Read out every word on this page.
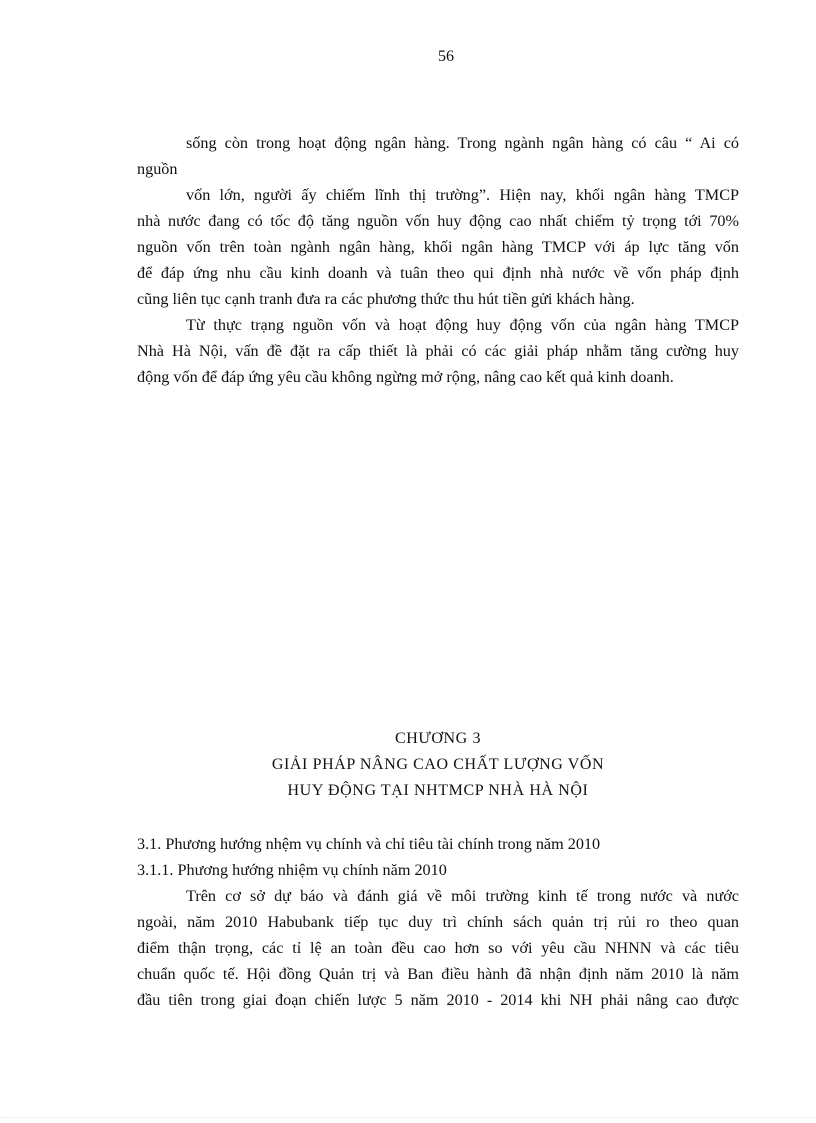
56
sống còn trong hoạt động ngân hàng. Trong ngành ngân hàng có câu “ Ai có
nguồn
vốn lớn, người ấy chiếm lĩnh thị trường”. Hiện nay, khối ngân hàng TMCP
nhà nước đang có tốc độ tăng nguồn vốn huy động cao nhất chiếm tỷ trọng tới 70%
nguồn vốn trên toàn ngành ngân hàng, khối ngân hàng TMCP với áp lực tăng vốn
để đáp ứng nhu cầu kinh doanh và tuân theo qui định nhà nước về vốn pháp định
cũng liên tục cạnh tranh đưa ra các phương thức thu hút tiền gửi khách hàng.
Từ thực trạng nguồn vốn và hoạt động huy động vốn của ngân hàng TMCP
Nhà Hà Nội, vấn đề đặt ra cấp thiết là phải có các giải pháp nhằm tăng cường huy
động vốn để đáp ứng yêu cầu không ngừng mở rộng, nâng cao kết quả kinh doanh.
CHƯƠNG 3
GIẢI PHÁP NÂNG CAO CHẤT LƯỢNG VỐN
HUY ĐỘNG TẠI NHTMCP NHÀ HÀ NỘI
3.1. Phương hướng nhệm vụ chính và chỉ tiêu tài chính trong năm 2010
3.1.1. Phương hướng nhiệm vụ chính năm 2010
Trên cơ sở dự báo và đánh giá về môi trường kinh tế trong nước và nước
ngoài, năm 2010 Habubank tiếp tục duy trì chính sách quản trị rủi ro theo quan
điểm thận trọng, các tỉ lệ an toàn đều cao hơn so với yêu cầu NHNN và các tiêu
chuẩn quốc tế. Hội đồng Quản trị và Ban điều hành đã nhận định năm 2010 là năm
đầu tiên trong giai đoạn chiến lược 5 năm 2010 - 2014 khi NH phải nâng cao được
